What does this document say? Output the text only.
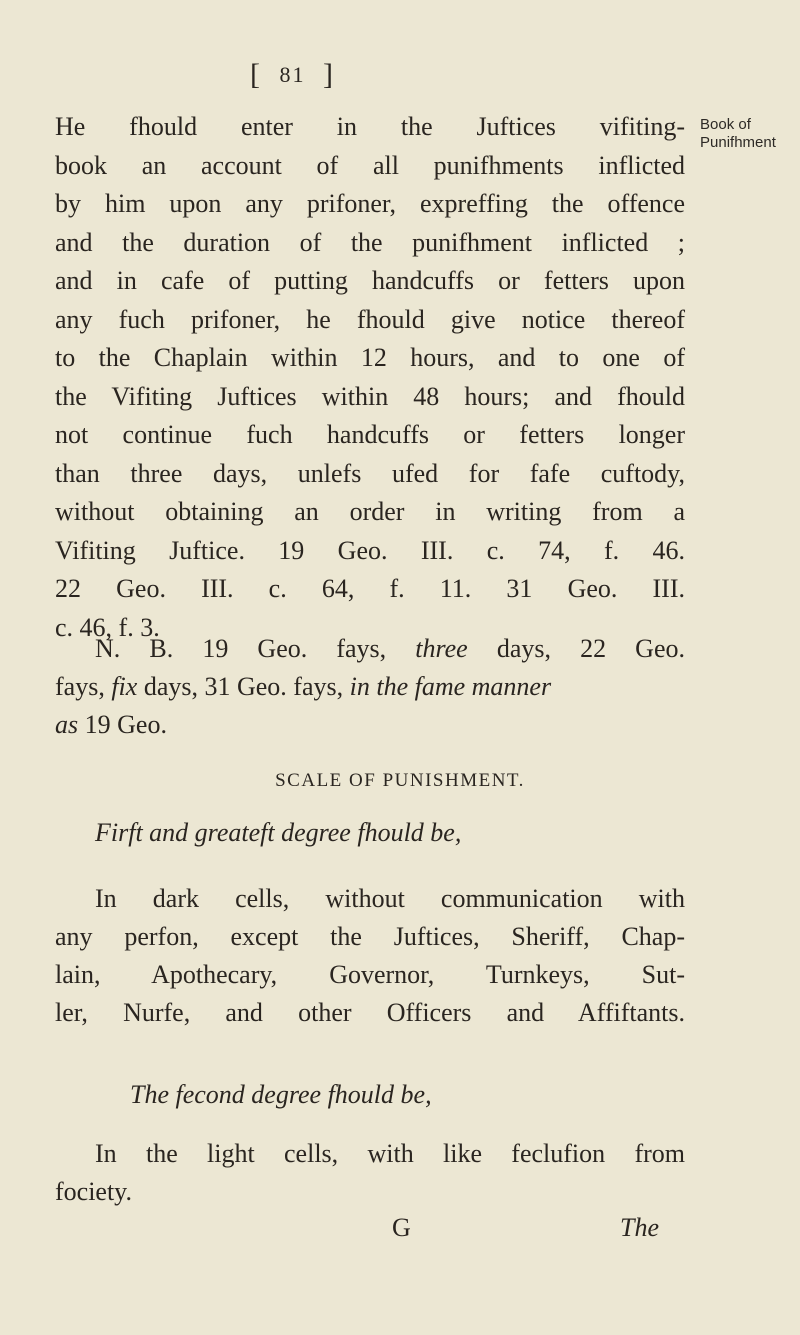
[ 81 ]
Book of
Punifhment
He fhould enter in the Juftices vifiting-
book an account of all punifhments inflicted
by him upon any prifoner, expreffing the offence
and the duration of the punifhment inflicted ;
and in cafe of putting handcuffs or fetters upon
any fuch prifoner, he fhould give notice thereof
to the Chaplain within 12 hours, and to one of
the Vifiting Juftices within 48 hours; and fhould
not continue fuch handcuffs or fetters longer
than three days, unlefs ufed for fafe cuftody,
without obtaining an order in writing from a
Vifiting Juftice. 19 Geo. III. c. 74, f. 46.
22 Geo. III. c. 64, f. 11. 31 Geo. III.
c. 46, f. 3.
N. B. 19 Geo. fays, three days, 22 Geo.
fays, fix days, 31 Geo. fays, in the fame manner
as 19 Geo.
SCALE OF PUNISHMENT.
Firft and greateft degree fhould be,
In dark cells, without communication with
any perfon, except the Juftices, Sheriff, Chap-
lain, Apothecary, Governor, Turnkeys, Sut-
ler, Nurfe, and other Officers and Affiftants.
The fecond degree fhould be,
In the light cells, with like feclufion from
fociety.
G	The
